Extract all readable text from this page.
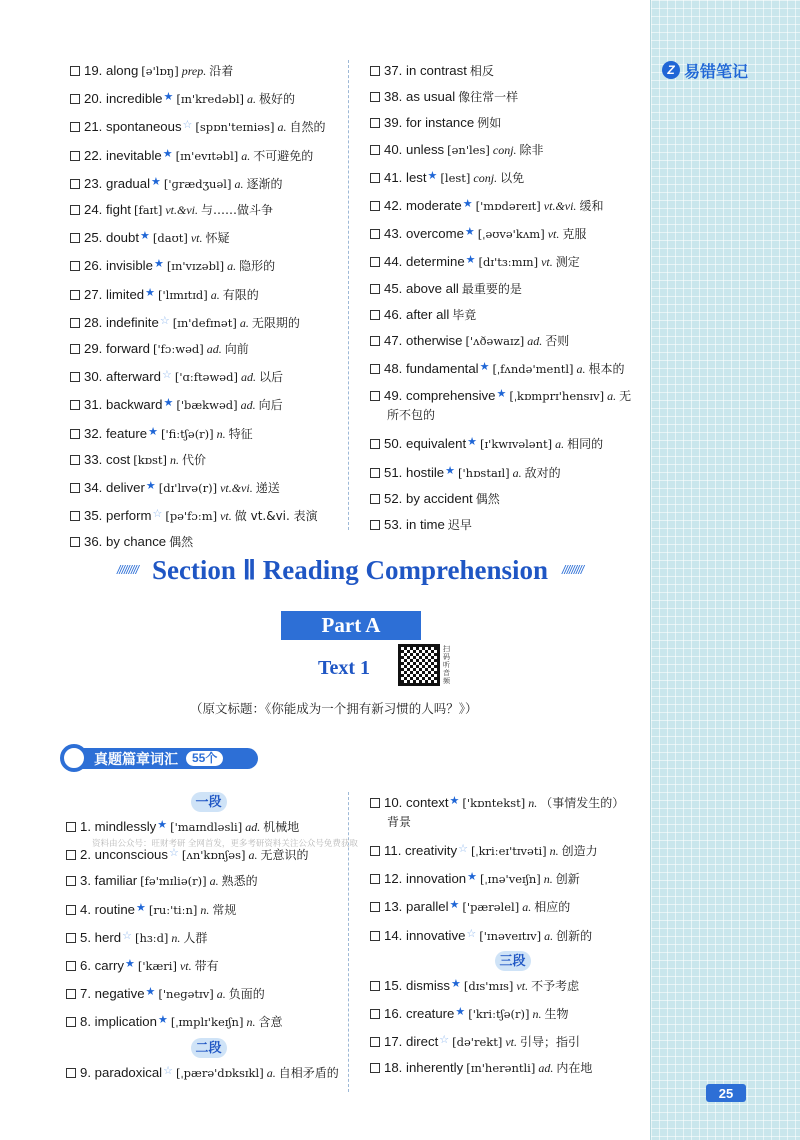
Z 易错笔记
19. along [ə'lɒŋ] prep. 沿着
20. incredible★ [ɪn'kredəbl] a. 极好的
21. spontaneous☆ [spɒn'teɪniəs] a. 自然的
22. inevitable★ [ɪn'evɪtəbl] a. 不可避免的
23. gradual★ ['ɡrædʒuəl] a. 逐渐的
24. fight [faɪt] vt.&vi. 与……做斗争
25. doubt★ [daʊt] vt. 怀疑
26. invisible★ [ɪn'vɪzəbl] a. 隐形的
27. limited★ ['lɪmɪtɪd] a. 有限的
28. indefinite☆ [ɪn'defɪnət] a. 无限期的
29. forward ['fɔːwəd] ad. 向前
30. afterward☆ ['ɑːftəwəd] ad. 以后
31. backward★ ['bækwəd] ad. 向后
32. feature★ ['fiːtʃə(r)] n. 特征
33. cost [kɒst] n. 代价
34. deliver★ [dɪ'lɪvə(r)] vt.&vi. 递送
35. perform☆ [pə'fɔːm] vt. 做 vt.&vi. 表演
36. by chance 偶然
37. in contrast 相反
38. as usual 像往常一样
39. for instance 例如
40. unless [ən'les] conj. 除非
41. lest★ [lest] conj. 以免
42. moderate★ ['mɒdəreɪt] vt.&vi. 缓和
43. overcome★ [ˌəʊvə'kʌm] vt. 克服
44. determine★ [dɪ'tɜːmɪn] vt. 测定
45. above all 最重要的是
46. after all 毕竟
47. otherwise ['ʌðəwaɪz] ad. 否则
48. fundamental★ [ˌfʌndə'mentl] a. 根本的
49. comprehensive★ [ˌkɒmprɪ'hensɪv] a. 无
所不包的
50. equivalent★ [ɪ'kwɪvələnt] a. 相同的
51. hostile★ ['hɒstaɪl] a. 敌对的
52. by accident 偶然
53. in time 迟早
///////// Section Ⅱ Reading Comprehension /////////
Part A
Text 1
扫码听音频
（原文标题：《你能成为一个拥有新习惯的人吗？》）
真题篇章词汇	55个
一段
1. mindlessly★ ['maɪndləsli] ad. 机械地
2. unconscious☆ [ʌn'kɒnʃəs] a. 无意识的
3. familiar [fə'mɪliə(r)] a. 熟悉的
4. routine★ [ruː'tiːn] n. 常规
5. herd☆ [hɜːd] n. 人群
6. carry★ ['kæri] vt. 带有
7. negative★ ['neɡətɪv] a. 负面的
8. implication★ [ˌɪmplɪ'keɪʃn] n. 含意
二段
9. paradoxical☆ [ˌpærə'dɒksɪkl] a. 自相矛盾的
10. context★ ['kɒntekst] n. （事情发生的）
背景
11. creativity☆ [ˌkriːeɪ'tɪvəti] n. 创造力
12. innovation★ [ˌɪnə'veɪʃn] n. 创新
13. parallel★ ['pærəlel] a. 相应的
14. innovative☆ ['ɪnəveɪtɪv] a. 创新的
三段
15. dismiss★ [dɪs'mɪs] vt. 不予考虑
16. creature★ ['kriːtʃə(r)] n. 生物
17. direct☆ [də'rekt] vt. 引导；指引
18. inherently [ɪn'herəntli] ad. 内在地
资料由公众号：旺财考研 全网首发，更多考研资料关注公众号免费获取
25
